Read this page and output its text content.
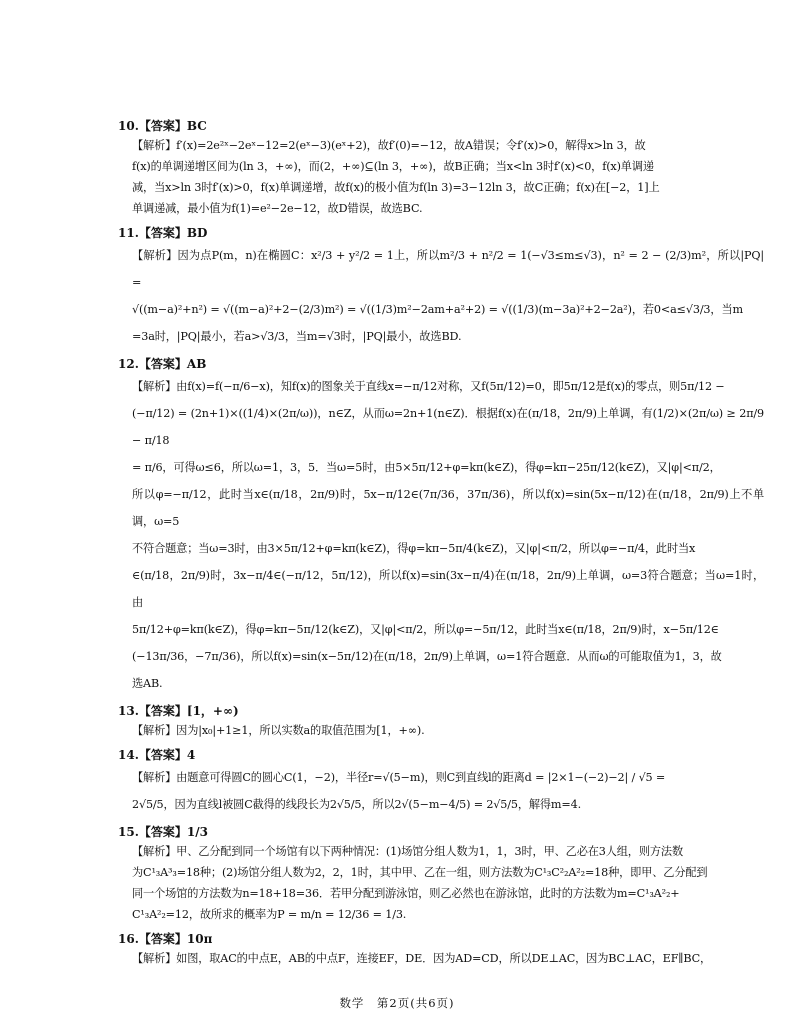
10.【答案】BC

【解析】f′(x)=2e²ˣ−2eˣ−12=2(eˣ−3)(eˣ+2)，故f′(0)=−12，故A错误；令f′(x)>0，解得x>ln 3，故

f(x)的单调递增区间为(ln 3，+∞)，而(2，+∞)⊆(ln 3，+∞)，故B正确；当x<ln 3时f′(x)<0，f(x)单调递

减，当x>ln 3时f′(x)>0，f(x)单调递增，故f(x)的极小值为f(ln 3)=3−12ln 3，故C正确；f(x)在[−2，1]上

单调递减，最小值为f(1)=e²−2e−12，故D错误，故选BC.

11.【答案】BD

【解析】因为点P(m，n)在椭圆C：x²/3 + y²/2 = 1上，所以m²/3 + n²/2 = 1(−√3≤m≤√3)，n² = 2 − (2/3)m²，所以|PQ| =

√((m−a)²+n²) = √((m−a)²+2−(2/3)m²) = √((1/3)m²−2am+a²+2) = √((1/3)(m−3a)²+2−2a²)，若0<a≤√3/3，当m

=3a时，|PQ|最小，若a>√3/3，当m=√3时，|PQ|最小，故选BD.

12.【答案】AB

【解析】由f(x)=f(−π/6−x)，知f(x)的图象关于直线x=−π/12对称，又f(5π/12)=0，即5π/12是f(x)的零点，则5π/12 −

(−π/12) = (2n+1)×((1/4)×(2π/ω))，n∈Z，从而ω=2n+1(n∈Z)．根据f(x)在(π/18，2π/9)上单调，有(1/2)×(2π/ω) ≥ 2π/9 − π/18

= π/6，可得ω≤6，所以ω=1，3，5．当ω=5时，由5×5π/12+φ=kπ(k∈Z)，得φ=kπ−25π/12(k∈Z)，又|φ|<π/2，

所以φ=−π/12，此时当x∈(π/18，2π/9)时，5x−π/12∈(7π/36，37π/36)，所以f(x)=sin(5x−π/12)在(π/18，2π/9)上不单调，ω=5

不符合题意；当ω=3时，由3×5π/12+φ=kπ(k∈Z)，得φ=kπ−5π/4(k∈Z)，又|φ|<π/2，所以φ=−π/4，此时当x

∈(π/18，2π/9)时，3x−π/4∈(−π/12，5π/12)，所以f(x)=sin(3x−π/4)在(π/18，2π/9)上单调，ω=3符合题意；当ω=1时，由

5π/12+φ=kπ(k∈Z)，得φ=kπ−5π/12(k∈Z)，又|φ|<π/2，所以φ=−5π/12，此时当x∈(π/18，2π/9)时，x−5π/12∈

(−13π/36，−7π/36)，所以f(x)=sin(x−5π/12)在(π/18，2π/9)上单调，ω=1符合题意．从而ω的可能取值为1，3，故

选AB.

13.【答案】[1，+∞)

【解析】因为|x₀|+1≥1，所以实数a的取值范围为[1，+∞).

14.【答案】4

【解析】由题意可得圆C的圆心C(1，−2)，半径r=√(5−m)，则C到直线l的距离d = |2×1−(−2)−2| / √5 =

2√5/5，因为直线l被圆C截得的线段长为2√5/5，所以2√(5−m−4/5) = 2√5/5，解得m=4.

15.【答案】1/3

【解析】甲、乙分配到同一个场馆有以下两种情况：(1)场馆分组人数为1，1，3时，甲、乙必在3人组，则方法数

为C¹₃A³₃=18种；(2)场馆分组人数为2，2，1时，其中甲、乙在一组，则方法数为C¹₃C²₂A²₂=18种，即甲、乙分配到

同一个场馆的方法数为n=18+18=36．若甲分配到游泳馆，则乙必然也在游泳馆，此时的方法数为m=C¹₃A²₂+

C¹₃A²₂=12，故所求的概率为P = m/n = 12/36 = 1/3.

16.【答案】10π

【解析】如图，取AC的中点E，AB的中点F，连接EF，DE．因为AD=CD，所以DE⊥AC，因为BC⊥AC，EF∥BC，

数学　第2页(共6页)
